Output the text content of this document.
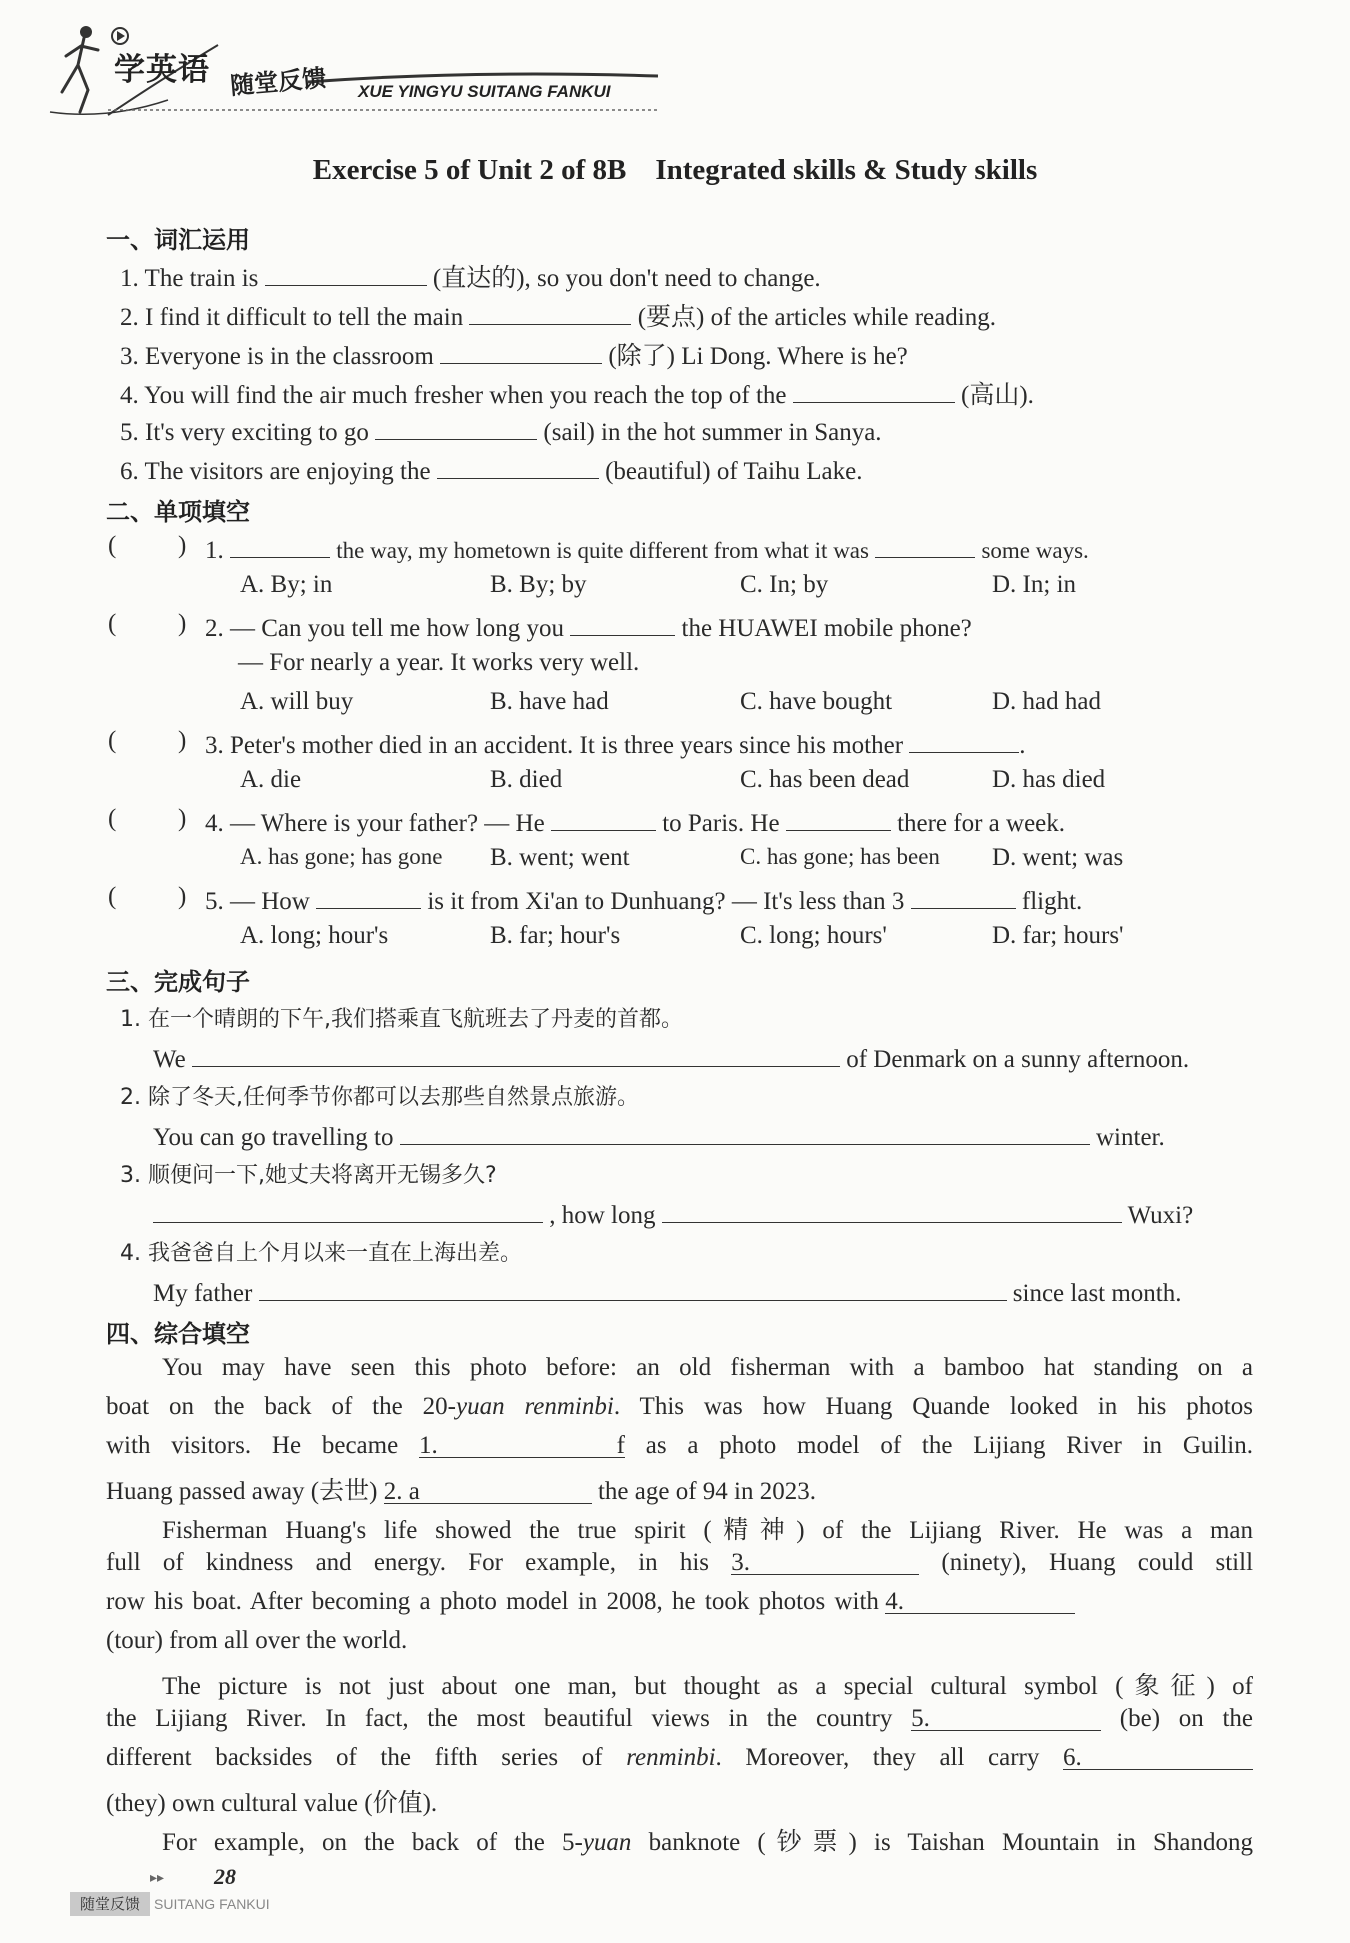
学英语 随堂反馈 XUE YINGYU SUITANG FANKUI
Exercise 5 of Unit 2 of 8B    Integrated skills & Study skills
一、词汇运用
1. The train is	(直达的), so you don't need to change.
2. I find it difficult to tell the main	(要点) of the articles while reading.
3. Everyone is in the classroom	(除了) Li Dong. Where is he?
4. You will find the air much fresher when you reach the top of the	(高山).
5. It's very exciting to go	(sail) in the hot summer in Sanya.
6. The visitors are enjoying the	(beautiful) of Taihu Lake.
二、单项填空
( ) 1.	the way, my hometown is quite different from what it was	some ways.
A. By; in	B. By; by	C. In; by	D. In; in
( ) 2. — Can you tell me how long you	the HUAWEI mobile phone?
— For nearly a year. It works very well.
A. will buy	B. have had	C. have bought	D. had had
( ) 3. Peter's mother died in an accident. It is three years since his mother	.
A. die	B. died	C. has been dead	D. has died
( ) 4. — Where is your father? — He	to Paris. He	there for a week.
A. has gone; has gone B. went; went	C. has gone; has been D. went; was
( ) 5. — How	is it from Xi'an to Dunhuang? — It's less than 3	flight.
A. long; hour's	B. far; hour's	C. long; hours'	D. far; hours'
三、完成句子
1. 在一个晴朗的下午,我们搭乘直飞航班去了丹麦的首都。
We	of Denmark on a sunny afternoon.
2. 除了冬天,任何季节你都可以去那些自然景点旅游。
You can go travelling to	winter.
3. 顺便问一下,她丈夫将离开无锡多久?
, how long	Wuxi?
4. 我爸爸自上个月以来一直在上海出差。
My father	since last month.
四、综合填空
You may have seen this photo before: an old fisherman with a bamboo hat standing on a
boat on the back of the 20-yuan renminbi. This was how Huang Quande looked in his photos
with visitors. He became 1. f as a photo model of the Lijiang River in Guilin.
Huang passed away (去世) 2. a	the age of 94 in 2023.
Fisherman Huang's life showed the true spirit (精神) of the Lijiang River. He was a man
full of kindness and energy. For example, in his 3.	(ninety), Huang could still
row his boat. After becoming a photo model in 2008, he took photos with 4.
(tour) from all over the world.
The picture is not just about one man, but thought as a special cultural symbol (象征) of
the Lijiang River. In fact, the most beautiful views in the country 5.	(be) on the
different backsides of the fifth series of renminbi. Moreover, they all carry 6.
(they) own cultural value (价值).
For example, on the back of the 5-yuan banknote (钞票) is Taishan Mountain in Shandong
▸▸ 28
随堂反馈	SUITANG FANKUI
